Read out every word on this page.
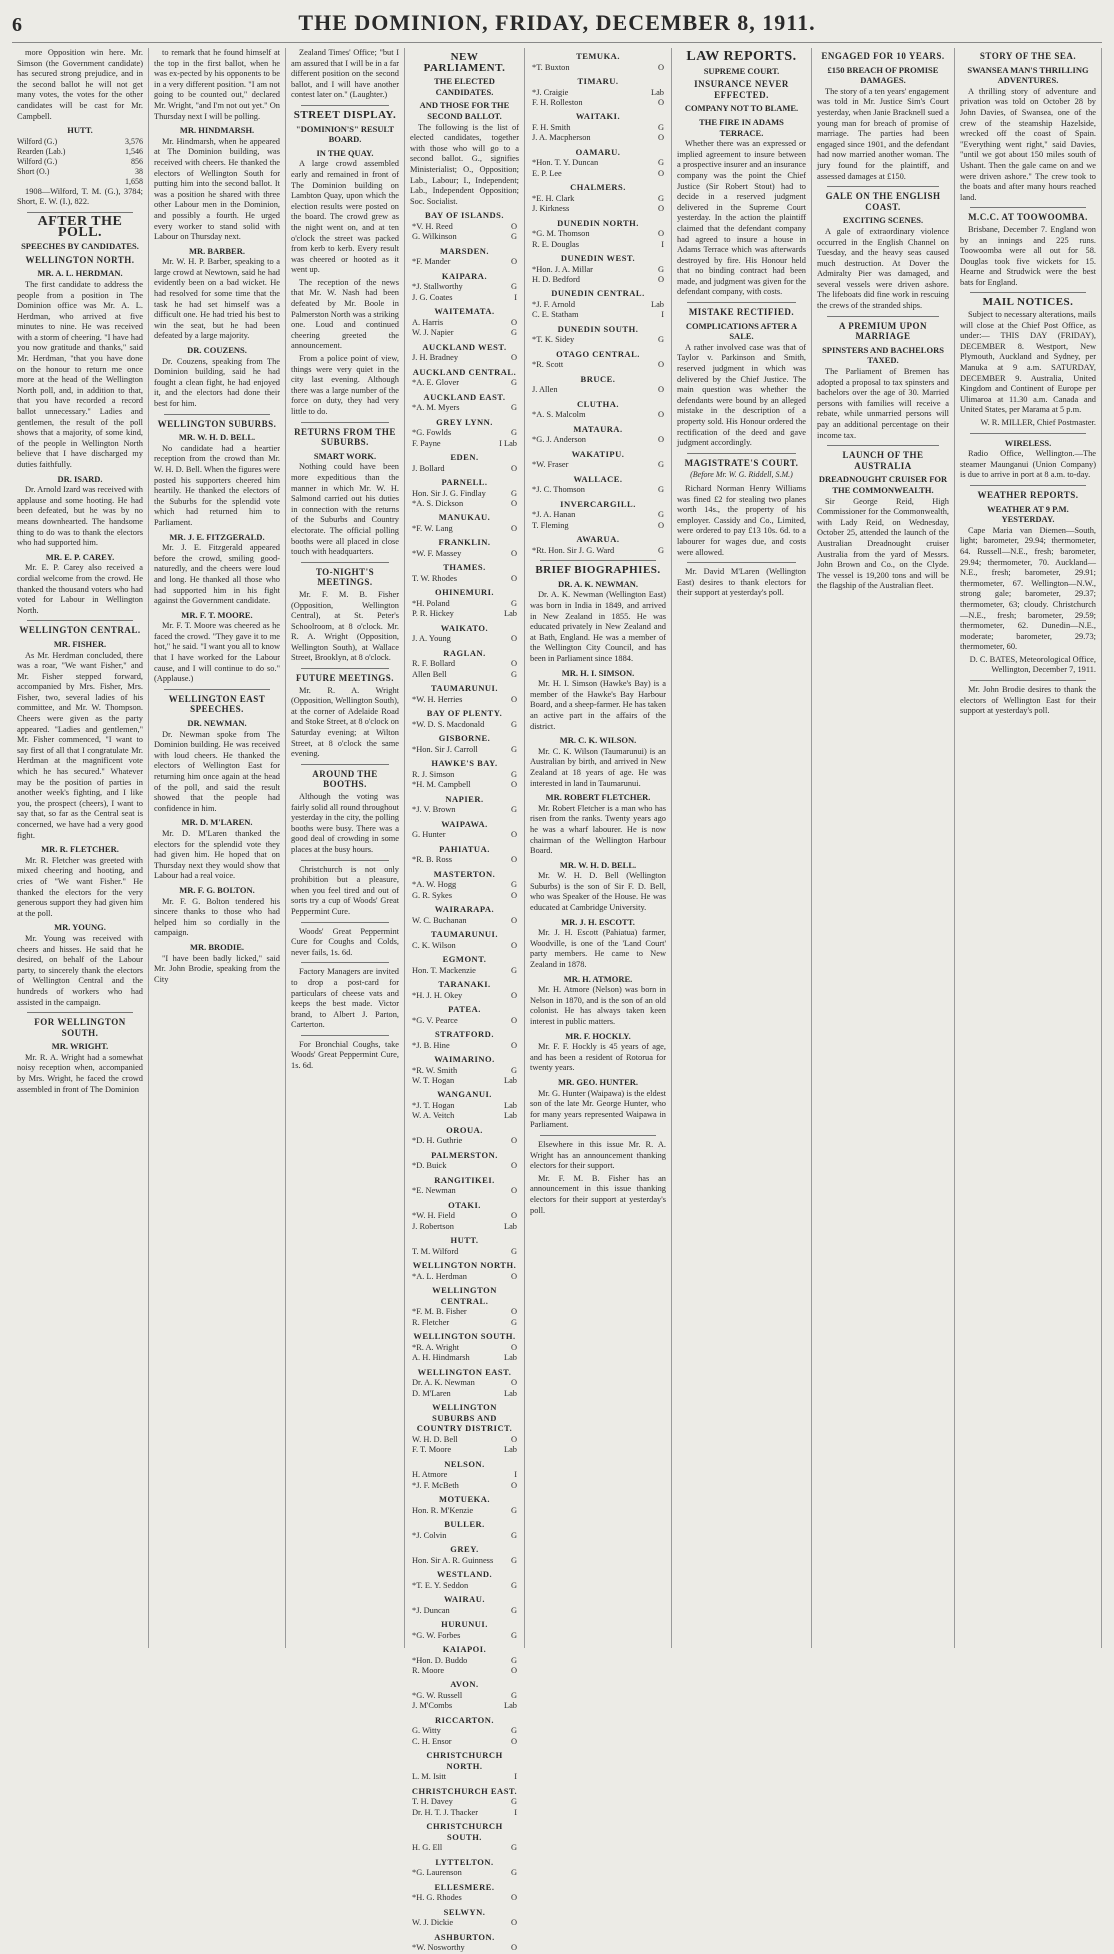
6	THE DOMINION, FRIDAY, DECEMBER 8, 1911.

more Opposition win here. Mr. Simson (the Government candidate) has secured strong prejudice, and in the second ballot he will not get many votes, the votes for the other candidates will be cast for Mr. Campbell.

HUTT.
Wilford (G.)	3,576
Rearden (Lab.)	1,546
Wilford (G.)	856
Short (O.)	38
1,658

1908—Wilford, T. M. (G.), 3784; Short, E. W. (I.), 822.

AFTER THE POLL.
SPEECHES BY CANDIDATES.
WELLINGTON NORTH.
MR. A. L. HERDMAN.

The first candidate to address the people from a position in The Dominion office was Mr. A. L. Herdman, who arrived at five minutes to nine. He was received with a storm of cheering. "I have had you now gratitude and thanks," said Mr. Herdman, "that you have done on the honour to return me once more at the head of the Wellington North poll, and, in addition to that, that you have recorded a record ballot unnecessary." Ladies and gentlemen, the result of the poll shows that a majority, of some kind, of the people in Wellington North believe that I have discharged my duties faithfully.

DR. ISARD.

Dr. Arnold Izard was received with applause and some hooting. He had been defeated, but he was by no means downhearted. The handsome thing to do was to thank the electors who had supported him.

MR. E. P. CAREY.

Mr. E. P. Carey also received a cordial welcome from the crowd. He thanked the thousand voters who had voted for Labour in Wellington North.

WELLINGTON CENTRAL.
MR. FISHER.

As Mr. Herdman concluded, there was a roar, "We want Fisher," and Mr. Fisher stepped forward, accompanied by Mrs. Fisher, Mrs. Fisher, two, several ladies of his committee, and Mr. W. Thompson. Cheers were given as the party appeared. "Ladies and gentlemen," Mr. Fisher commenced, "I want to say first of all that I congratulate Mr. Herdman at the magnificent vote which he has secured." Whatever may be the position of parties in another week's fighting, and I like you, the prospect (cheers), I want to say that, so far as the Central seat is concerned, we have had a very good fight.

MR. R. FLETCHER.

Mr. R. Fletcher was greeted with mixed cheering and hooting, and cries of "We want Fisher." He thanked the electors for the very generous support they had given him at the poll.

MR. YOUNG.

Mr. Young was received with cheers and hisses. He said that he desired, on behalf of the Labour party, to sincerely thank the electors of Wellington Central and the hundreds of workers who had assisted in the campaign.

FOR WELLINGTON SOUTH.
MR. WRIGHT.

Mr. R. A. Wright had a somewhat noisy reception when, accompanied by Mrs. Wright, he faced the crowd assembled in front of The Dominion

to remark that he found himself at the top in the first ballot, when he was ex-pected by his opponents to be in a very different position. "I am not going to be counted out," declared Mr. Wright, "and I'm not out yet." On Thursday next I will be polling.

MR. HINDMARSH.

Mr. Hindmarsh, when he appeared at The Dominion building, was received with cheers. He thanked the electors of Wellington South for putting him into the second ballot. It was a position he shared with three other Labour men in the Dominion, and possibly a fourth. He urged every worker to stand solid with Labour on Thursday next.

MR. BARBER.

Mr. W. H. P. Barber, speaking to a large crowd at Newtown, said he had evidently been on a bad wicket. He had resolved for some time that the task he had set himself was a difficult one. He had tried his best to win the seat, but he had been defeated by a large majority.

DR. COUZENS.

Dr. Couzens, speaking from The Dominion building, said he had fought a clean fight, he had enjoyed it, and the electors had done their best for him.

WELLINGTON SUBURBS.
MR. W. H. D. BELL.

No candidate had a heartier reception from the crowd than Mr. W. H. D. Bell. When the figures were posted his supporters cheered him heartily. He thanked the electors of the Suburbs for the splendid vote which had returned him to Parliament.

MR. J. E. FITZGERALD.

Mr. J. E. Fitzgerald appeared before the crowd, smiling good-naturedly, and the cheers were loud and long. He thanked all those who had supported him in his fight against the Government candidate.

MR. F. T. MOORE.

Mr. F. T. Moore was cheered as he faced the crowd. "They gave it to me hot," he said. "I want you all to know that I have worked for the Labour cause, and I will continue to do so." (Applause.)

WELLINGTON EAST SPEECHES.
DR. NEWMAN.

Dr. Newman spoke from The Dominion building. He was received with loud cheers. He thanked the electors of Wellington East for returning him once again at the head of the poll, and said the result showed that the people had confidence in him.

MR. D. M'LAREN.

Mr. D. M'Laren thanked the electors for the splendid vote they had given him. He hoped that on Thursday next they would show that Labour had a real voice.

MR. F. G. BOLTON.

Mr. F. G. Bolton tendered his sincere thanks to those who had helped him so cordially in the campaign.

MR. BRODIE.

"I have been badly licked," said Mr. John Brodie, speaking from the City

Zealand Times' Office; "but I am assured that I will be in a far different position on the second ballot, and I will have another contest later on." (Laughter.)

STREET DISPLAY.
"DOMINION'S" RESULT BOARD.
IN THE QUAY.

A large crowd assembled early and remained in front of The Dominion building on Lambton Quay, upon which the election results were posted on the board. The crowd grew as the night went on, and at ten o'clock the street was packed from kerb to kerb. Every result was cheered or hooted as it went up.

The reception of the news that Mr. W. Nash had been defeated by Mr. Boole in Palmerston North was a striking one. Loud and continued cheering greeted the announcement.

From a police point of view, things were very quiet in the city last evening. Although there was a large number of the force on duty, they had very little to do.

RETURNS FROM THE SUBURBS.
SMART WORK.

Nothing could have been more expeditious than the manner in which Mr. W. H. Salmond carried out his duties in connection with the returns of the Suburbs and Country electorate. The official polling booths were all placed in close touch with headquarters.

TO-NIGHT'S MEETINGS.

Mr. F. M. B. Fisher (Opposition, Wellington Central), at St. Peter's Schoolroom, at 8 o'clock. Mr. R. A. Wright (Opposition, Wellington South), at Wallace Street, Brooklyn, at 8 o'clock.

FUTURE MEETINGS.

Mr. R. A. Wright (Opposition, Wellington South), at the corner of Adelaide Road and Stoke Street, at 8 o'clock on Saturday evening; at Wilton Street, at 8 o'clock the same evening.

AROUND THE BOOTHS.

Although the voting was fairly solid all round throughout yesterday in the city, the polling booths were busy. There was a good deal of crowding in some places at the busy hours.

Christchurch is not only prohibition but a pleasure, when you feel tired and out of sorts try a cup of Woods' Great Peppermint Cure.

Woods' Great Peppermint Cure for Coughs and Colds, never fails, 1s. 6d.

Factory Managers are invited to drop a post-card for particulars of cheese vats and keeps the best made. Victor brand, to Albert J. Parton, Carterton.

For Bronchial Coughs, take Woods' Great Peppermint Cure, 1s. 6d.

NEW PARLIAMENT.
THE ELECTED CANDIDATES.
AND THOSE FOR THE SECOND BALLOT.

The following is the list of elected candidates, together with those who will go to a second ballot. G., signifies Ministerialist; O., Opposition; Lab., Labour; I., Independent; Lab., Independent Opposition; Soc. Socialist.

BAY OF ISLANDS.
*V. H. Reed	O
G. Wilkinson	G
MARSDEN.
*F. Mander	O
KAIPARA.
*J. Stallworthy	G
J. G. Coates	I
WAITEMATA.
A. Harris	O
W. J. Napier	G
AUCKLAND WEST.
J. H. Bradney	O
AUCKLAND CENTRAL.
*A. E. Glover	G
AUCKLAND EAST.
*A. M. Myers	G
GREY LYNN.
*G. Fowlds	G
F. Payne	I Lab
EDEN.
J. Bollard	O
PARNELL.
Hon. Sir J. G. Findlay	G
*A. S. Dickson	O
MANUKAU.
*F. W. Lang	O
FRANKLIN.
*W. F. Massey	O
THAMES.
T. W. Rhodes	O
OHINEMURI.
*H. Poland	G
P. R. Hickey	Lab
WAIKATO.
J. A. Young	O
RAGLAN.
R. F. Bollard	O
Allen Bell	G
TAUMARUNUI.
*W. H. Herries	O
BAY OF PLENTY.
*W. D. S. Macdonald	G
GISBORNE.
*Hon. Sir J. Carroll	G
HAWKE'S BAY.
R. J. Simson	G
*H. M. Campbell	O
NAPIER.
*J. V. Brown	G
WAIPAWA.
G. Hunter	O
PAHIATUA.
*R. B. Ross	O
MASTERTON.
*A. W. Hogg	G
G. R. Sykes	O
WAIRARAPA.
W. C. Buchanan	O
TAUMARUNUI.
C. K. Wilson	O
EGMONT.
Hon. T. Mackenzie	G
TARANAKI.
*H. J. H. Okey	O
PATEA.
*G. V. Pearce	O
STRATFORD.
*J. B. Hine	O
WAIMARINO.
*R. W. Smith	G
W. T. Hogan	Lab
WANGANUI.
*J. T. Hogan	Lab
W. A. Veitch	Lab
OROUA.
*D. H. Guthrie	O
PALMERSTON.
*D. Buick	O
RANGITIKEI.
*E. Newman	O
OTAKI.
*W. H. Field	O
J. Robertson	Lab
HUTT.
T. M. Wilford	G
WELLINGTON NORTH.
*A. L. Herdman	O
WELLINGTON CENTRAL.
*F. M. B. Fisher	O
R. Fletcher	G
WELLINGTON SOUTH.
*R. A. Wright	O
A. H. Hindmarsh	Lab
WELLINGTON EAST.
Dr. A. K. Newman	O
D. M'Laren	Lab
WELLINGTON SUBURBS AND COUNTRY DISTRICT.
W. H. D. Bell	O
F. T. Moore	Lab
NELSON.
H. Atmore	I
*J. F. McBeth	O
MOTUEKA.
Hon. R. M'Kenzie	G
BULLER.
*J. Colvin	G
GREY.
Hon. Sir A. R. Guinness G
WESTLAND.
*T. E. Y. Seddon	G
WAIRAU.
*J. Duncan	G
HURUNUI.
*G. W. Forbes	G
KAIAPOI.
*Hon. D. Buddo	G
R. Moore	O
AVON.
*G. W. Russell	G
J. M'Combs	Lab
RICCARTON.
G. Witty	G
C. H. Ensor	O
CHRISTCHURCH NORTH.
L. M. Isitt	I
CHRISTCHURCH EAST.
T. H. Davey	G
Dr. H. T. J. Thacker	I
CHRISTCHURCH SOUTH.
H. G. Ell	G
LYTTELTON.
*G. Laurenson	G
ELLESMERE.
*H. G. Rhodes	O
SELWYN.
W. J. Dickie	O
ASHBURTON.
*W. Nosworthy	O
TEMUKA.
*T. Buxton	O
TIMARU.
*J. Craigie	Lab
F. H. Rolleston	O
WAITAKI.
F. H. Smith	G
J. A. Macpherson	O
OAMARU.
*Hon. T. Y. Duncan	G
E. P. Lee	O
CHALMERS.
*E. H. Clark	G
J. Kirkness	O
DUNEDIN NORTH.
*G. M. Thomson	O
R. E. Douglas	I
DUNEDIN WEST.
*Hon. J. A. Millar	G
H. D. Bedford	O
DUNEDIN CENTRAL.
*J. F. Arnold	Lab
C. E. Statham	I
DUNEDIN SOUTH.
*T. K. Sidey	G
OTAGO CENTRAL.
*R. Scott	O
BRUCE.
J. Allen	O
CLUTHA.
*A. S. Malcolm	O
MATAURA.
*G. J. Anderson	O
WAKATIPU.
*W. Fraser	G
WALLACE.
*J. C. Thomson	G
INVERCARGILL.
*J. A. Hanan	G
T. Fleming	O
AWARUA.
*Rt. Hon. Sir J. G. Ward	G
BRIEF BIOGRAPHIES.
DR. A. K. NEWMAN.

Dr. A. K. Newman (Wellington East) was born in India in 1849, and arrived in New Zealand in 1855. He was educated privately in New Zealand and at Bath, England. He was a member of the Wellington City Council, and has been in Parliament since 1884.

MR. H. I. SIMSON.

Mr. H. I. Simson (Hawke's Bay) is a member of the Hawke's Bay Harbour Board, and a sheep-farmer. He has taken an active part in the affairs of the district.

MR. C. K. WILSON.

Mr. C. K. Wilson (Taumarunui) is an Australian by birth, and arrived in New Zealand at 18 years of age. He was interested in land in Taumarunui.

MR. ROBERT FLETCHER.

Mr. Robert Fletcher is a man who has risen from the ranks. Twenty years ago he was a wharf labourer. He is now chairman of the Wellington Harbour Board.

MR. W. H. D. BELL.

Mr. W. H. D. Bell (Wellington Suburbs) is the son of Sir F. D. Bell, who was Speaker of the House. He was educated at Cambridge University.

MR. J. H. ESCOTT.

Mr. J. H. Escott (Pahiatua) farmer, Woodville, is one of the 'Land Court' party members. He came to New Zealand in 1878.

MR. H. ATMORE.

Mr. H. Atmore (Nelson) was born in Nelson in 1870, and is the son of an old colonist. He has always taken keen interest in public matters.

MR. F. HOCKLY.

Mr. F. F. Hockly is 45 years of age, and has been a resident of Rotorua for twenty years.

MR. GEO. HUNTER.

Mr. G. Hunter (Waipawa) is the eldest son of the late Mr. George Hunter, who for many years represented Waipawa in Parliament.

Elsewhere in this issue Mr. R. A. Wright has an announcement thanking electors for their support.

Mr. F. M. B. Fisher has an announcement in this issue thanking electors for their support at yesterday's poll.

LAW REPORTS.
SUPREME COURT.
INSURANCE NEVER EFFECTED.
COMPANY NOT TO BLAME.
THE FIRE IN ADAMS TERRACE.

Whether there was an expressed or implied agreement to insure between a prospective insurer and an insurance company was the point the Chief Justice (Sir Robert Stout) had to decide in a reserved judgment delivered in the Supreme Court yesterday. In the action the plaintiff claimed that the defendant company had agreed to insure a house in Adams Terrace which was afterwards destroyed by fire. His Honour held that no binding contract had been made, and judgment was given for the defendant company, with costs.

MISTAKE RECTIFIED.
COMPLICATIONS AFTER A SALE.

A rather involved case was that of Taylor v. Parkinson and Smith, reserved judgment in which was delivered by the Chief Justice. The main question was whether the defendants were bound by an alleged mistake in the description of a property sold. His Honour ordered the rectification of the deed and gave judgment accordingly.

MAGISTRATE'S COURT.
(Before Mr. W. G. Riddell, S.M.)

Richard Norman Henry Williams was fined £2 for stealing two planes worth 14s., the property of his employer. Cassidy and Co., Limited, were ordered to pay £13 10s. 6d. to a labourer for wages due, and costs were allowed.

Mr. David M'Laren (Wellington East) desires to thank electors for their support at yesterday's poll.

ENGAGED FOR 10 YEARS.
£150 BREACH OF PROMISE DAMAGES.

The story of a ten years' engagement was told in Mr. Justice Sim's Court yesterday, when Janie Bracknell sued a young man for breach of promise of marriage. The parties had been engaged since 1901, and the defendant had now married another woman. The jury found for the plaintiff, and assessed damages at £150.

GALE ON THE ENGLISH COAST.
EXCITING SCENES.

A gale of extraordinary violence occurred in the English Channel on Tuesday, and the heavy seas caused much destruction. At Dover the Admiralty Pier was damaged, and several vessels were driven ashore. The lifeboats did fine work in rescuing the crews of the stranded ships.

A PREMIUM UPON MARRIAGE
SPINSTERS AND BACHELORS TAXED.

The Parliament of Bremen has adopted a proposal to tax spinsters and bachelors over the age of 30. Married persons with families will receive a rebate, while unmarried persons will pay an additional percentage on their income tax.

LAUNCH OF THE AUSTRALIA
DREADNOUGHT CRUISER FOR THE COMMONWEALTH.

Sir George Reid, High Commissioner for the Commonwealth, with Lady Reid, on Wednesday, October 25, attended the launch of the Australian Dreadnought cruiser Australia from the yard of Messrs. John Brown and Co., on the Clyde. The vessel is 19,200 tons and will be the flagship of the Australian fleet.

STORY OF THE SEA.
SWANSEA MAN'S THRILLING ADVENTURES.

A thrilling story of adventure and privation was told on October 28 by John Davies, of Swansea, one of the crew of the steamship Hazelside, wrecked off the coast of Spain. "Everything went right," said Davies, "until we got about 150 miles south of Ushant. Then the gale came on and we were driven ashore." The crew took to the boats and after many hours reached land.

M.C.C. AT TOOWOOMBA.

Brisbane, December 7. England won by an innings and 225 runs. Toowoomba were all out for 58. Douglas took five wickets for 15. Hearne and Strudwick were the best bats for England.

MAIL NOTICES.

Subject to necessary alterations, mails will close at the Chief Post Office, as under:— THIS DAY (FRIDAY), DECEMBER 8. Westport, New Plymouth, Auckland and Sydney, per Manuka at 9 a.m. SATURDAY, DECEMBER 9. Australia, United Kingdom and Continent of Europe per Ulimaroa at 11.30 a.m. Canada and United States, per Marama at 5 p.m.

W. R. MILLER, Chief Postmaster.

WIRELESS.

Radio Office, Wellington.—The steamer Maunganui (Union Company) is due to arrive in port at 8 a.m. to-day.

WEATHER REPORTS.
WEATHER AT 9 P.M. YESTERDAY.

Cape Maria van Diemen—South, light; barometer, 29.94; thermometer, 64. Russell—N.E., fresh; barometer, 29.94; thermometer, 70. Auckland—N.E., fresh; barometer, 29.91; thermometer, 67. Wellington—N.W., strong gale; barometer, 29.37; thermometer, 63; cloudy. Christchurch—N.E., fresh; barometer, 29.59; thermometer, 62. Dunedin—N.E., moderate; barometer, 29.73; thermometer, 60.

D. C. BATES, Meteorological Office, Wellington, December 7, 1911.

Mr. John Brodie desires to thank the electors of Wellington East for their support at yesterday's poll.
